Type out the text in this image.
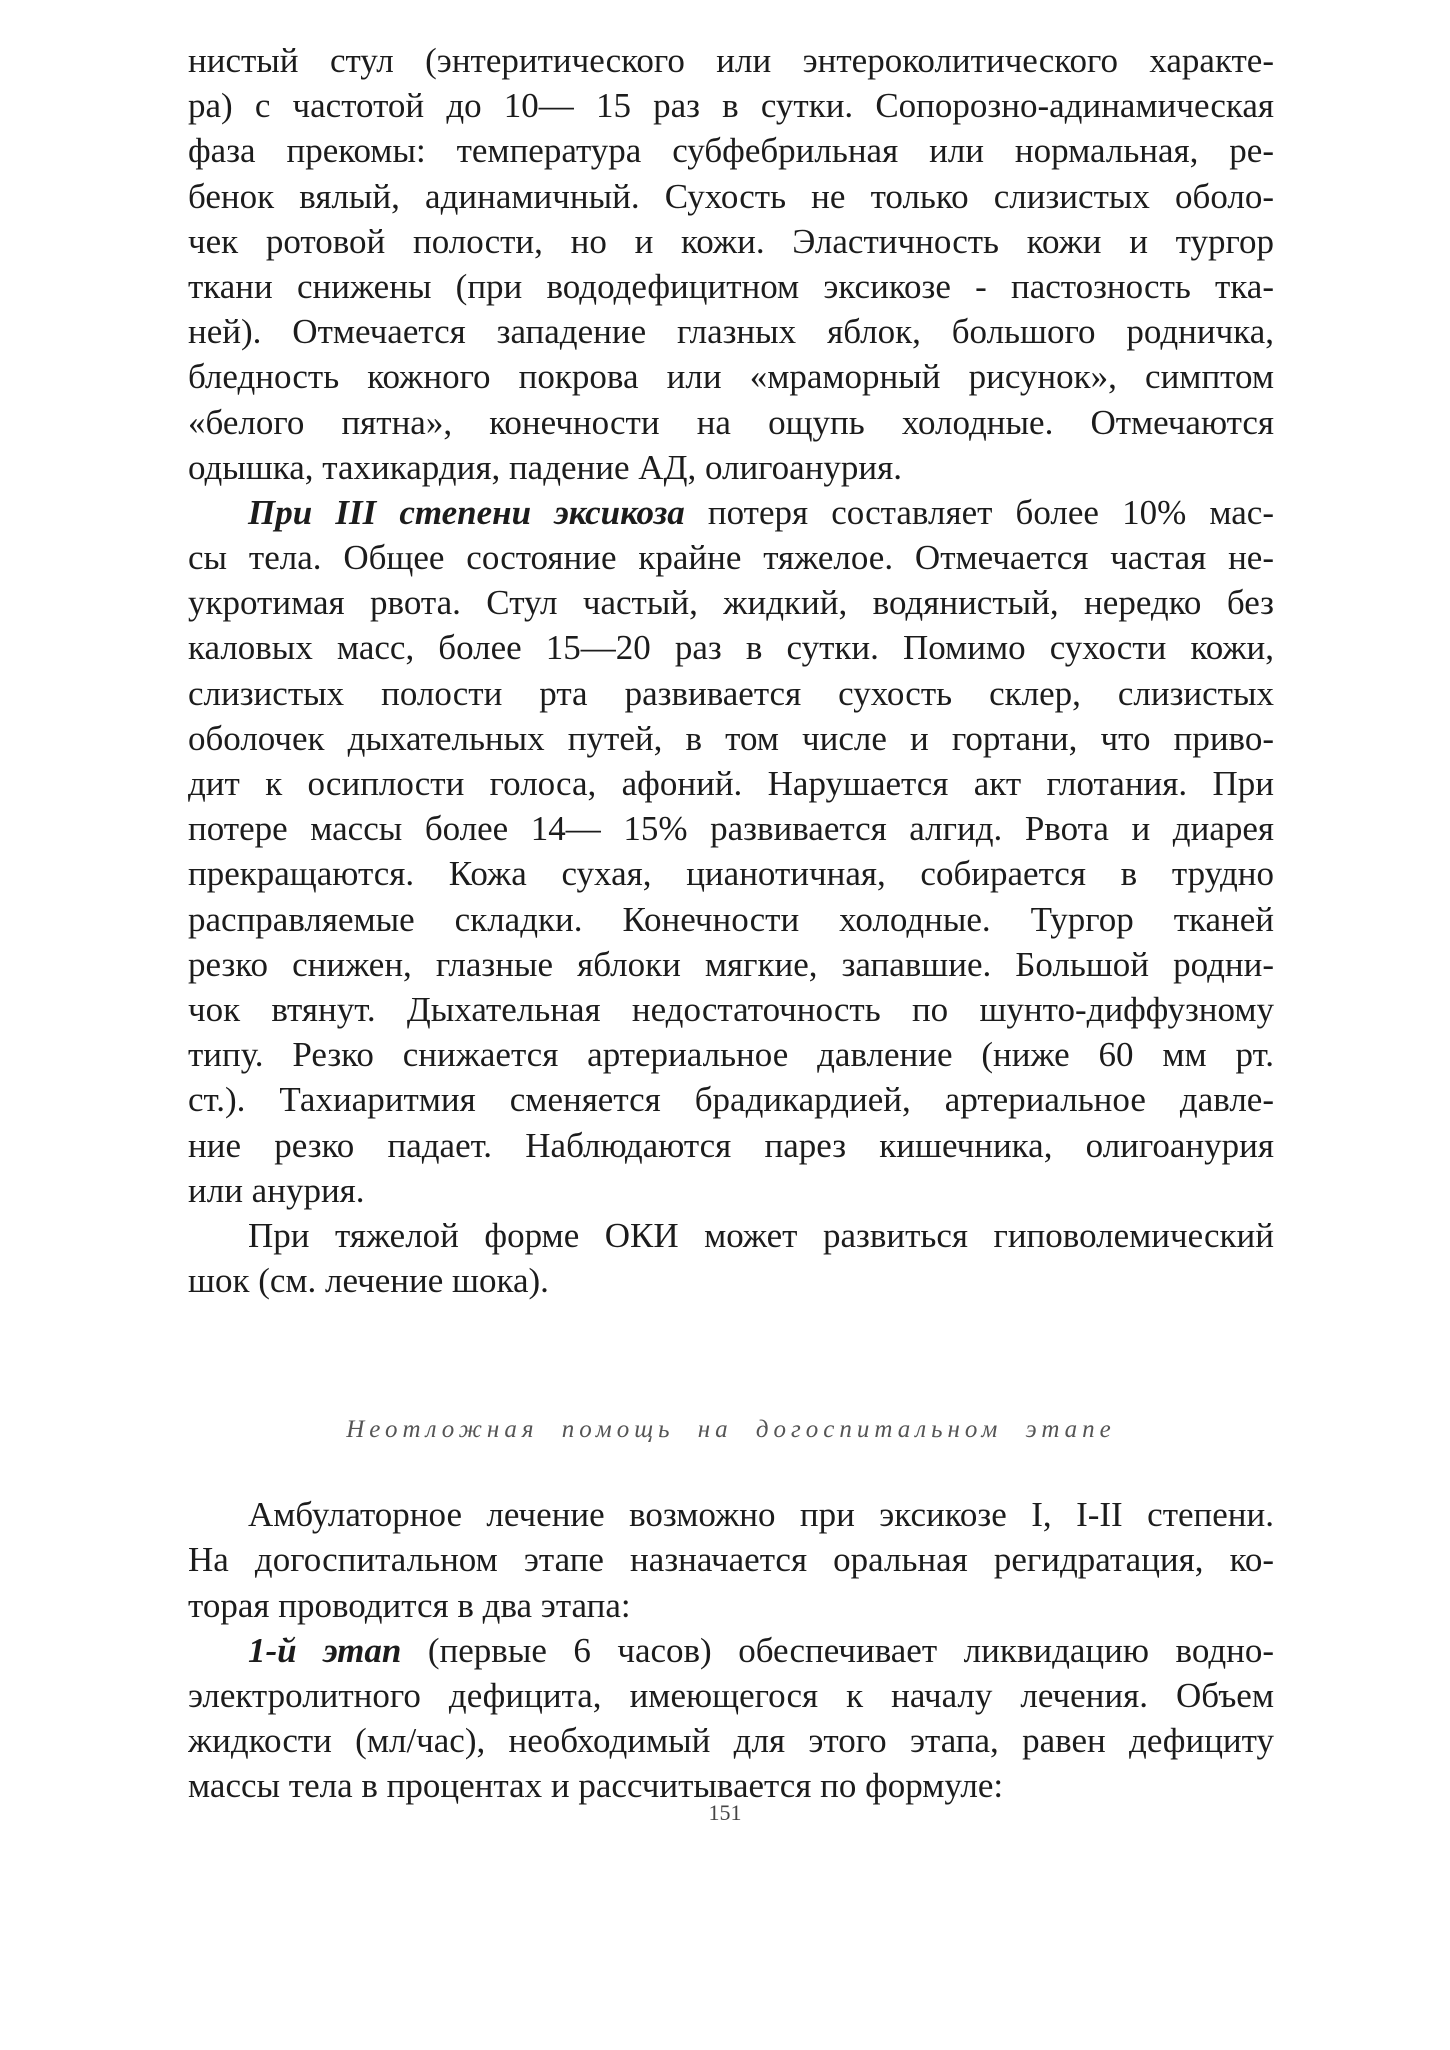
нистый стул (энтеритического или энтероколитического характе-
ра) с частотой до 10— 15 раз в сутки. Сопорозно-адинамическая
фаза прекомы: температура субфебрильная или нормальная, ре-
бенок вялый, адинамичный. Сухость не только слизистых оболо-
чек ротовой полости, но и кожи. Эластичность кожи и тургор
ткани снижены (при вододефицитном эксикозе - пастозность тка-
ней). Отмечается западение глазных яблок, большого родничка,
бледность кожного покрова или «мраморный рисунок», симптом
«белого пятна», конечности на ощупь холодные. Отмечаются
одышка, тахикардия, падение АД, олигоанурия.
При III степени эксикоза потеря составляет более 10% мас-
сы тела. Общее состояние крайне тяжелое. Отмечается частая не-
укротимая рвота. Стул частый, жидкий, водянистый, нередко без
каловых масс, более 15—20 раз в сутки. Помимо сухости кожи,
слизистых полости рта развивается сухость склер, слизистых
оболочек дыхательных путей, в том числе и гортани, что приво-
дит к осиплости голоса, афоний. Нарушается акт глотания. При
потере массы более 14— 15% развивается алгид. Рвота и диарея
прекращаются. Кожа сухая, цианотичная, собирается в трудно
расправляемые складки. Конечности холодные. Тургор тканей
резко снижен, глазные яблоки мягкие, запавшие. Большой родни-
чок втянут. Дыхательная недостаточность по шунто-диффузному
типу. Резко снижается артериальное давление (ниже 60 мм рт.
ст.). Тахиаритмия сменяется брадикардией, артериальное давле-
ние резко падает. Наблюдаются парез кишечника, олигоанурия
или анурия.
При тяжелой форме ОКИ может развиться гиповолемический
шок (см. лечение шока).
Неотложная помощь на догоспитальном этапе
Амбулаторное лечение возможно при эксикозе I, I-II степени.
На догоспитальном этапе назначается оральная регидратация, ко-
торая проводится в два этапа:
1-й этап (первые 6 часов) обеспечивает ликвидацию водно-
электролитного дефицита, имеющегося к началу лечения. Объем
жидкости (мл/час), необходимый для этого этапа, равен дефициту
массы тела в процентах и рассчитывается по формуле:
151
